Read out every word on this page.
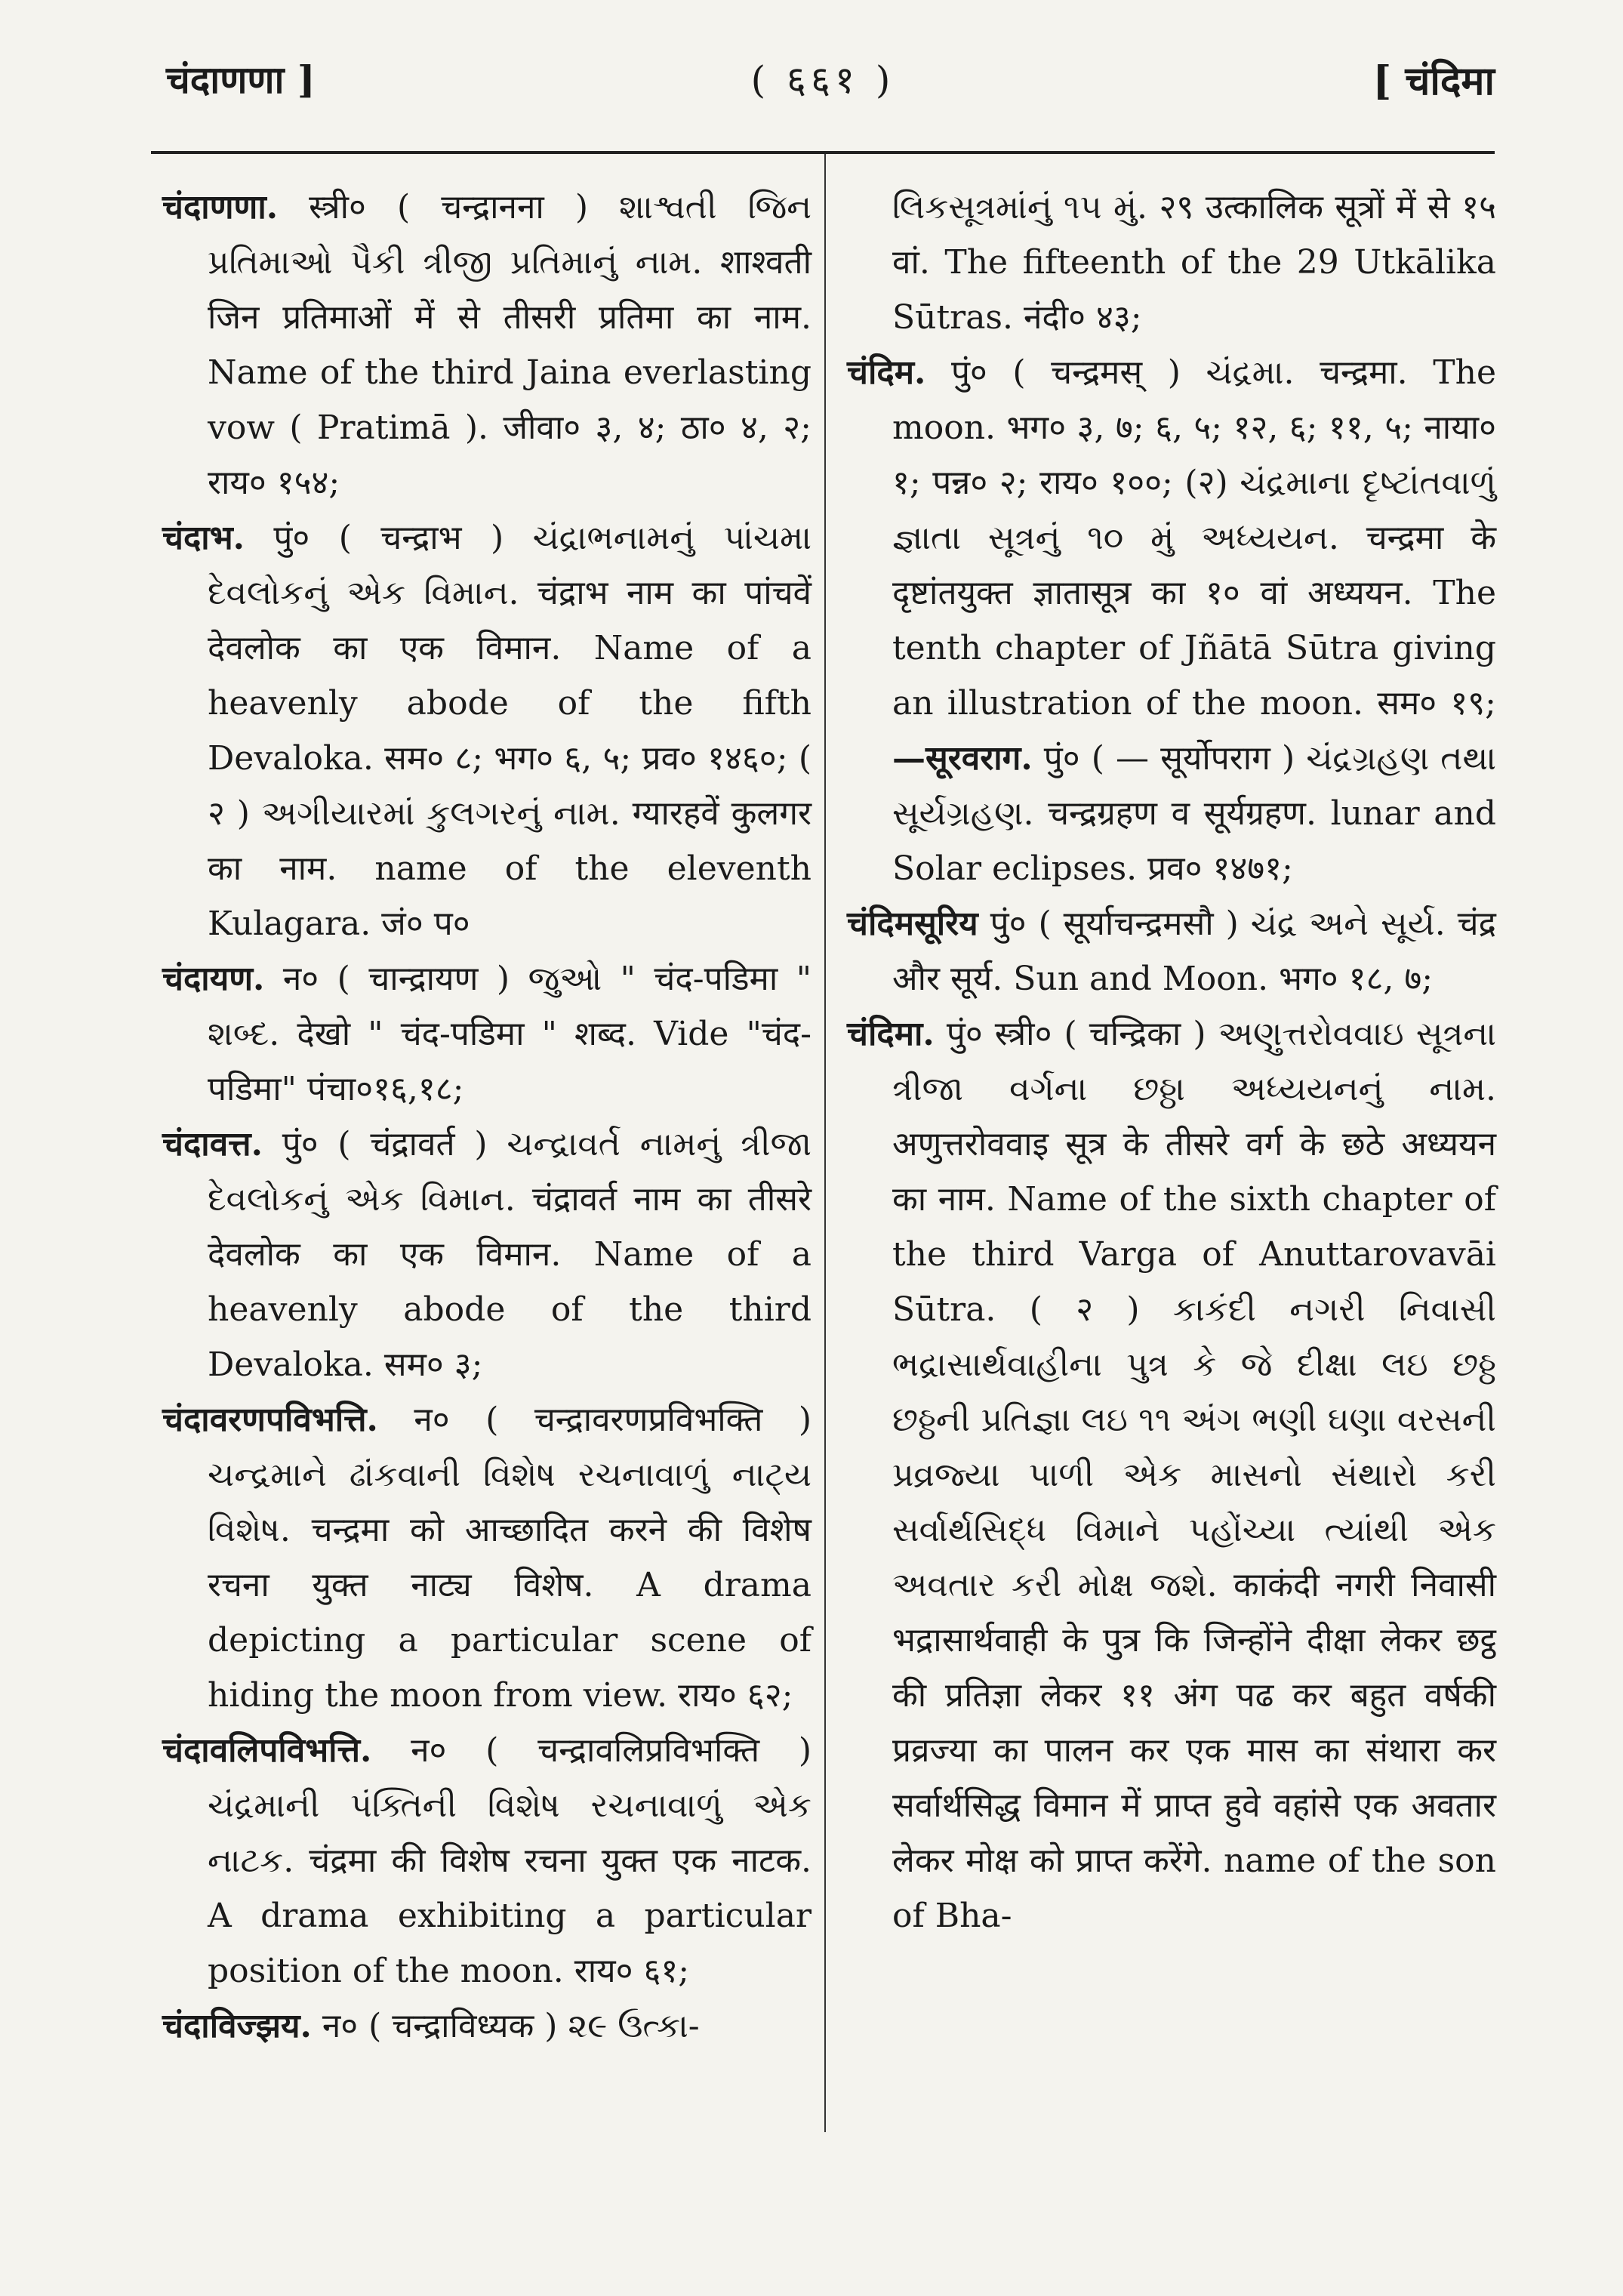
( ६६१ )
चंदाणणा ]	[ चंदिमा

चंदाणणा. स्त्री० ( चन्द्रानना ) શાશ્વતી જિન પ્રતિમાઓ પૈકી ત્રીજી પ્રતિમાનું નામ. शाश्वती जिन प्रतिमाओं में से तीसरी प्रतिमा का नाम. Name of the third Jaina everlasting vow ( Pratimā ). जीवा० ३, ४; ठा० ४, २; राय० १५४;

चंदाभ. पुं० ( चन्द्राभ ) ચંદ્રાભનામનું પાંચમા દેવલોકનું એક વિમાન. चंद्राभ नाम का पांचवें देवलोक का एक विमान. Name of a heavenly abode of the fifth Devaloka. सम० ८; भग० ६, ५; प्रव० १४६०; ( २ ) અગીયારમાં કુલગરનું નામ. ग्यारहवें कुलगर का नाम. name of the eleventh Kulagara. जं० प०

चंदायण. न० ( चान्द्रायण ) જુઓ " चंद-पडिमा " શબ્દ. देखो " चंद-पडिमा " शब्द. Vide "चंद-पडिमा" पंचा०१६,१८;

चंदावत्त. पुं० ( चंद्रावर्त ) ચન્દ્રાવર્ત નામનું ત્રીજા દેવલોકનું એક વિમાન. चंद्रावर्त नाम का तीसरे देवलोक का एक विमान. Name of a heavenly abode of the third Devaloka. सम० ३;

चंदावरणपविभत्ति. न० ( चन्द्रावरणप्रविभक्ति ) ચન્દ્રમાને ઢાંકવાની વિશેષ રચનાવાળું નાટ્ય વિશેષ. चन्द्रमा को आच्छादित करने की विशेष रचना युक्त नाट्य विशेष. A drama depicting a particular scene of hiding the moon from view. राय० ६२;

चंदावलिपविभत्ति. न० ( चन्द्रावलिप्रविभक्ति ) ચંદ્રમાની પંક્તિની વિશેષ રચનાવાળું એક નાટક. चंद्रमा की विशेष रचना युक्त एक नाटक. A drama exhibiting a particular position of the moon. राय० ६१;

चंदाविज्झय. न० ( चन्द्राविध्यक ) ૨૯ ઉત્કા-

લિકસૂત્રમાંનું ૧૫ મું. २९ उत्कालिक सूत्रों में से १५ वां. The fifteenth of the 29 Utkālika Sūtras. नंदी० ४३;

चंदिम. पुं० ( चन्द्रमस् ) ચંદ્રમા. चन्द्रमा. The moon. भग० ३, ७; ६, ५; १२, ६; ११, ५; नाया० १; पन्न० २; राय० १००; (२) ચંદ્રમાના દૃષ્ટાંતવાળું જ્ઞાતા સૂત્રનું ૧૦ મું અધ્યયન. चन्द्रमा के दृष्टांतयुक्त ज्ञातासूत्र का १० वां अध्ययन. The tenth chapter of Jñātā Sūtra giving an illustration of the moon. सम० १९; —सूरवराग. पुं० ( — सूर्योपराग ) ચંદ્રગ્રહણ તથા સૂર્યગ્રહણ. चन्द्रग्रहण व सूर्यग्रहण. lunar and Solar eclipses. प्रव० १४७१;

चंदिमसूरिय पुं० ( सूर्याचन्द्रमसौ ) ચંદ્ર અને સૂર્ય. चंद्र और सूर्य. Sun and Moon. भग० १८, ७;

चंदिमा. पुं० स्त्री० ( चन्द्रिका ) અણુત્તરોવવાઇ સૂત્રના ત્રીજા વર્ગના છઠ્ઠા અધ્યયનનું નામ. अणुत्तरोववाइ सूत्र के तीसरे वर्ग के छठे अध्ययन का नाम. Name of the sixth chapter of the third Varga of Anuttarovavāi Sūtra. ( २ ) કાકંદી નગરી નિવાસી ભદ્રાસાર્થવાહીના પુત્ર કે જે દીક્ષા લઇ છઠ્ઠ છઠ્ઠની પ્રતિજ્ઞા લઇ ૧૧ અંગ ભણી ઘણા વરસની પ્રવ્રજ્યા પાળી એક માસનો સંથારો કરી સર્વાર્થસિદ્ધ વિમાને પહોંચ્યા ત્યાંથી એક અવતાર કરી મોક્ષ જશે. काकंदी नगरी निवासी भद्रासार्थवाही के पुत्र कि जिन्होंने दीक्षा लेकर छट्ठ की प्रतिज्ञा लेकर ११ अंग पढ कर बहुत वर्षकी प्रव्रज्या का पालन कर एक मास का संथारा कर सर्वार्थसिद्ध विमान में प्राप्त हुवे वहांसे एक अवतार लेकर मोक्ष को प्राप्त करेंगे. name of the son of Bha-
